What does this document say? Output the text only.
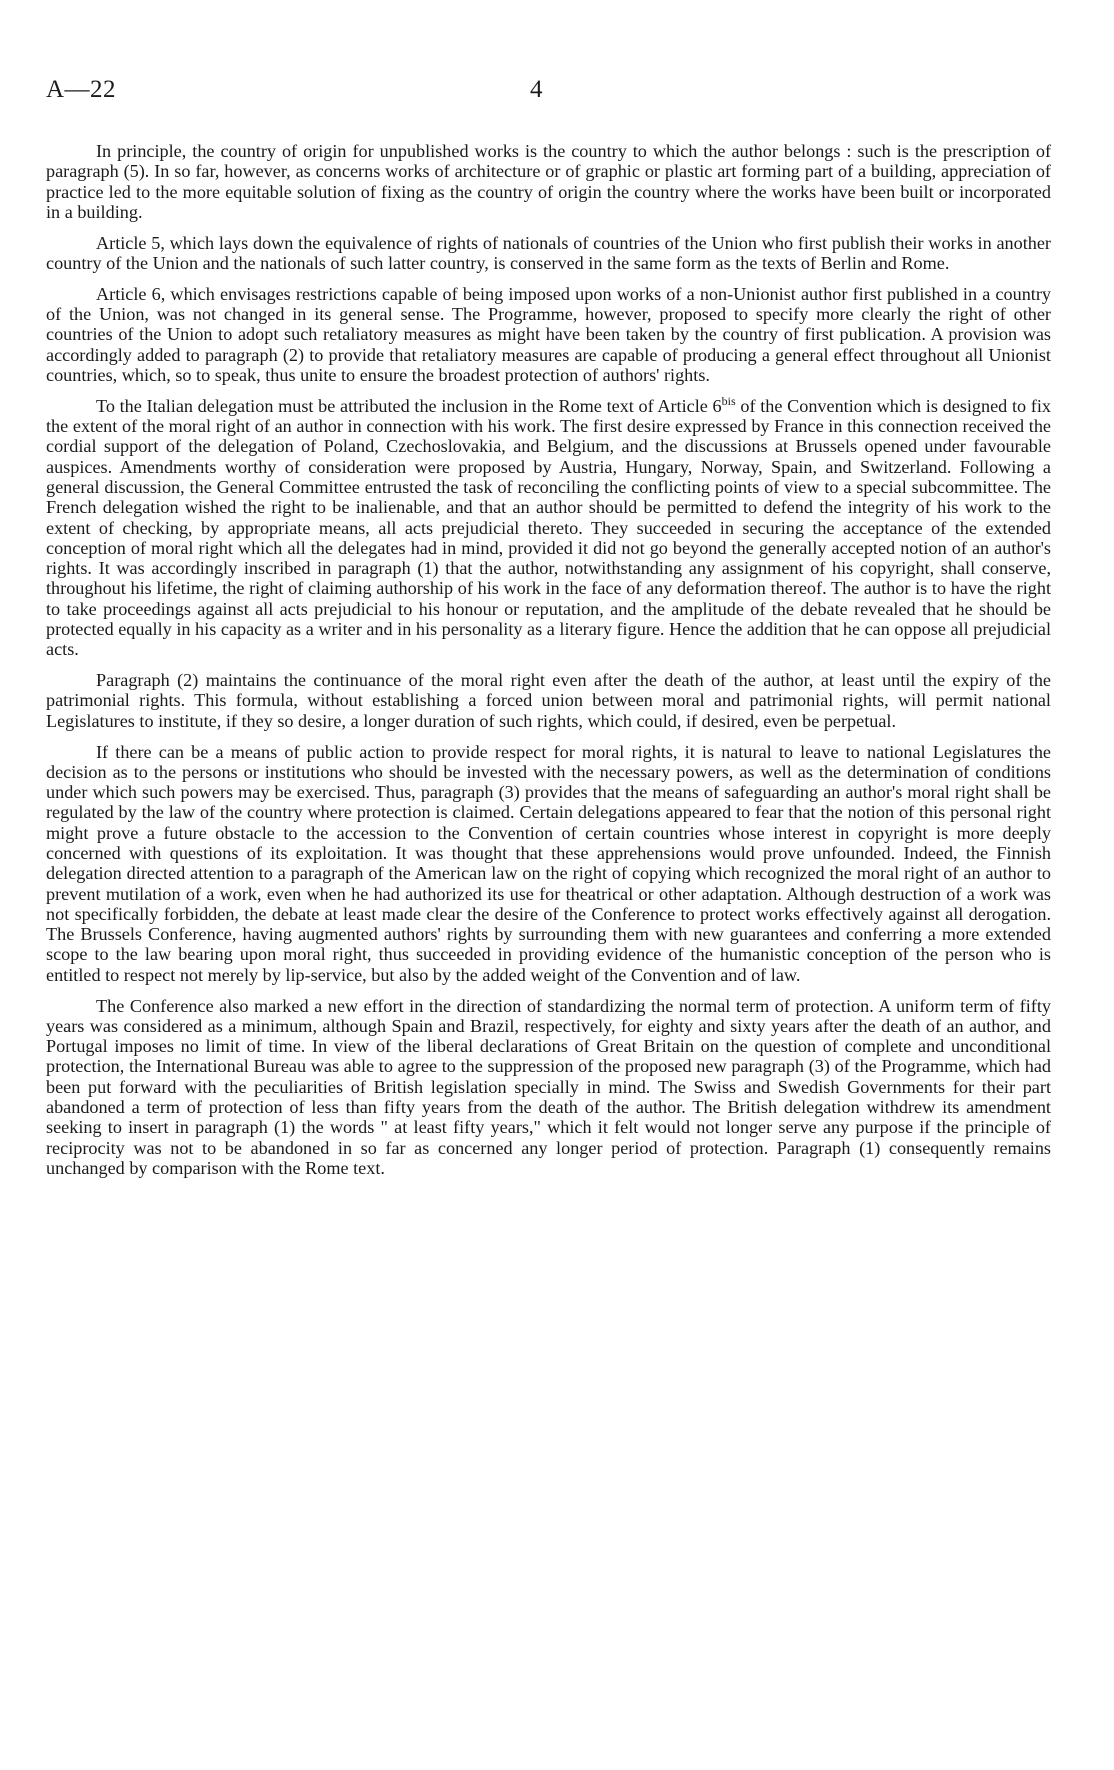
A—22	4

In principle, the country of origin for unpublished works is the country to which the author belongs : such is the prescription of paragraph (5). In so far, however, as concerns works of architecture or of graphic or plastic art forming part of a building, appreciation of practice led to the more equitable solution of fixing as the country of origin the country where the works have been built or incorporated in a building.

Article 5, which lays down the equivalence of rights of nationals of countries of the Union who first publish their works in another country of the Union and the nationals of such latter country, is conserved in the same form as the texts of Berlin and Rome.

Article 6, which envisages restrictions capable of being imposed upon works of a non-Unionist author first published in a country of the Union, was not changed in its general sense. The Programme, however, proposed to specify more clearly the right of other countries of the Union to adopt such retaliatory measures as might have been taken by the country of first publication. A provision was accordingly added to paragraph (2) to provide that retaliatory measures are capable of producing a general effect throughout all Unionist countries, which, so to speak, thus unite to ensure the broadest protection of authors' rights.

To the Italian delegation must be attributed the inclusion in the Rome text of Article $6^{bis}$ of the Convention which is designed to fix the extent of the moral right of an author in connection with his work. The first desire expressed by France in this connection received the cordial support of the delegation of Poland, Czechoslovakia, and Belgium, and the discussions at Brussels opened under favourable auspices. Amendments worthy of consideration were proposed by Austria, Hungary, Norway, Spain, and Switzerland. Following a general discussion, the General Committee entrusted the task of reconciling the conflicting points of view to a special subcommittee. The French delegation wished the right to be inalienable, and that an author should be permitted to defend the integrity of his work to the extent of checking, by appropriate means, all acts prejudicial thereto. They succeeded in securing the acceptance of the extended conception of moral right which all the delegates had in mind, provided it did not go beyond the generally accepted notion of an author's rights. It was accordingly inscribed in paragraph (1) that the author, notwithstanding any assignment of his copyright, shall conserve, throughout his lifetime, the right of claiming authorship of his work in the face of any deformation thereof. The author is to have the right to take proceedings against all acts prejudicial to his honour or reputation, and the amplitude of the debate revealed that he should be protected equally in his capacity as a writer and in his personality as a literary figure. Hence the addition that he can oppose all prejudicial acts.

Paragraph (2) maintains the continuance of the moral right even after the death of the author, at least until the expiry of the patrimonial rights. This formula, without establishing a forced union between moral and patrimonial rights, will permit national Legislatures to institute, if they so desire, a longer duration of such rights, which could, if desired, even be perpetual.

If there can be a means of public action to provide respect for moral rights, it is natural to leave to national Legislatures the decision as to the persons or institutions who should be invested with the necessary powers, as well as the determination of conditions under which such powers may be exercised. Thus, paragraph (3) provides that the means of safeguarding an author's moral right shall be regulated by the law of the country where protection is claimed. Certain delegations appeared to fear that the notion of this personal right might prove a future obstacle to the accession to the Convention of certain countries whose interest in copyright is more deeply concerned with questions of its exploitation. It was thought that these apprehensions would prove unfounded. Indeed, the Finnish delegation directed attention to a paragraph of the American law on the right of copying which recognized the moral right of an author to prevent mutilation of a work, even when he had authorized its use for theatrical or other adaptation. Although destruction of a work was not specifically forbidden, the debate at least made clear the desire of the Conference to protect works effectively against all derogation. The Brussels Conference, having augmented authors' rights by surrounding them with new guarantees and conferring a more extended scope to the law bearing upon moral right, thus succeeded in providing evidence of the humanistic conception of the person who is entitled to respect not merely by lip-service, but also by the added weight of the Convention and of law.

The Conference also marked a new effort in the direction of standardizing the normal term of protection. A uniform term of fifty years was considered as a minimum, although Spain and Brazil, respectively, for eighty and sixty years after the death of an author, and Portugal imposes no limit of time. In view of the liberal declarations of Great Britain on the question of complete and unconditional protection, the International Bureau was able to agree to the suppression of the proposed new paragraph (3) of the Programme, which had been put forward with the peculiarities of British legislation specially in mind. The Swiss and Swedish Governments for their part abandoned a term of protection of less than fifty years from the death of the author. The British delegation withdrew its amendment seeking to insert in paragraph (1) the words " at least fifty years," which it felt would not longer serve any purpose if the principle of reciprocity was not to be abandoned in so far as concerned any longer period of protection. Paragraph (1) consequently remains unchanged by comparison with the Rome text.
